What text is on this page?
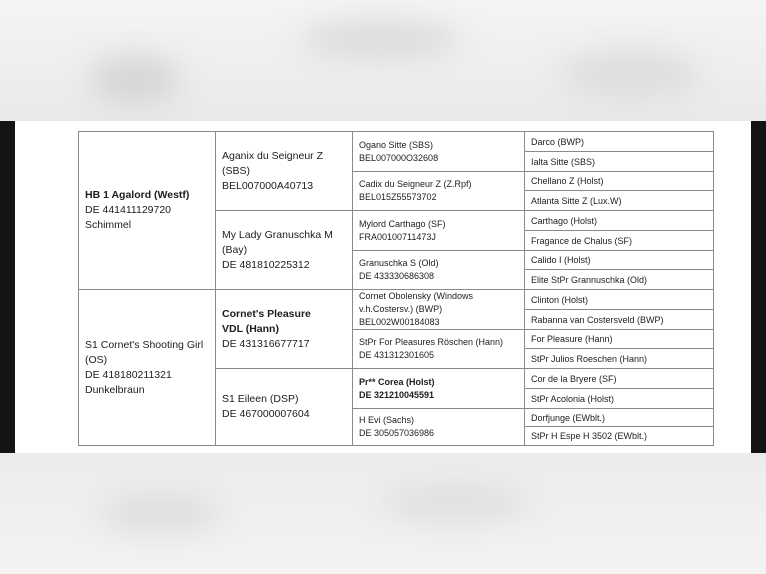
HB 1 Agalord (Westf)
DE 441411129720
Schimmel
S1 Cornet's Shooting Girl
(OS)
DE 418180211321
Dunkelbraun
Aganix du Seigneur Z
(SBS)
BEL007000A40713
My Lady Granuschka M
(Bay)
DE 481810225312
Cornet's Pleasure
VDL (Hann)
DE 431316677717
S1 Eileen (DSP)
DE 467000007604
Ogano Sitte (SBS)
BEL007000O32608
Cadix du Seigneur Z (Z.Rpf)
BEL015Z55573702
Mylord Carthago (SF)
FRA00100711473J
Granuschka S (Old)
DE 433330686308
Cornet Obolensky (Windows
v.h.Costersv.) (BWP)
BEL002W00184083
StPr For Pleasures Röschen (Hann)
DE 431312301605
Pr** Corea (Holst)
DE 321210045591
H Evi (Sachs)
DE 305057036986
Darco (BWP)
Ialta Sitte (SBS)
Chellano Z (Holst)
Atlanta Sitte Z (Lux.W)
Carthago (Holst)
Fragance de Chalus (SF)
Calido I (Holst)
Elite StPr Grannuschka (Old)
Clinton (Holst)
Rabanna van Costersveld (BWP)
For Pleasure (Hann)
StPr Julios Roeschen (Hann)
Cor de la Bryere (SF)
StPr Acolonia (Holst)
Dorfjunge (EWblt.)
StPr H Espe H 3502 (EWblt.)
